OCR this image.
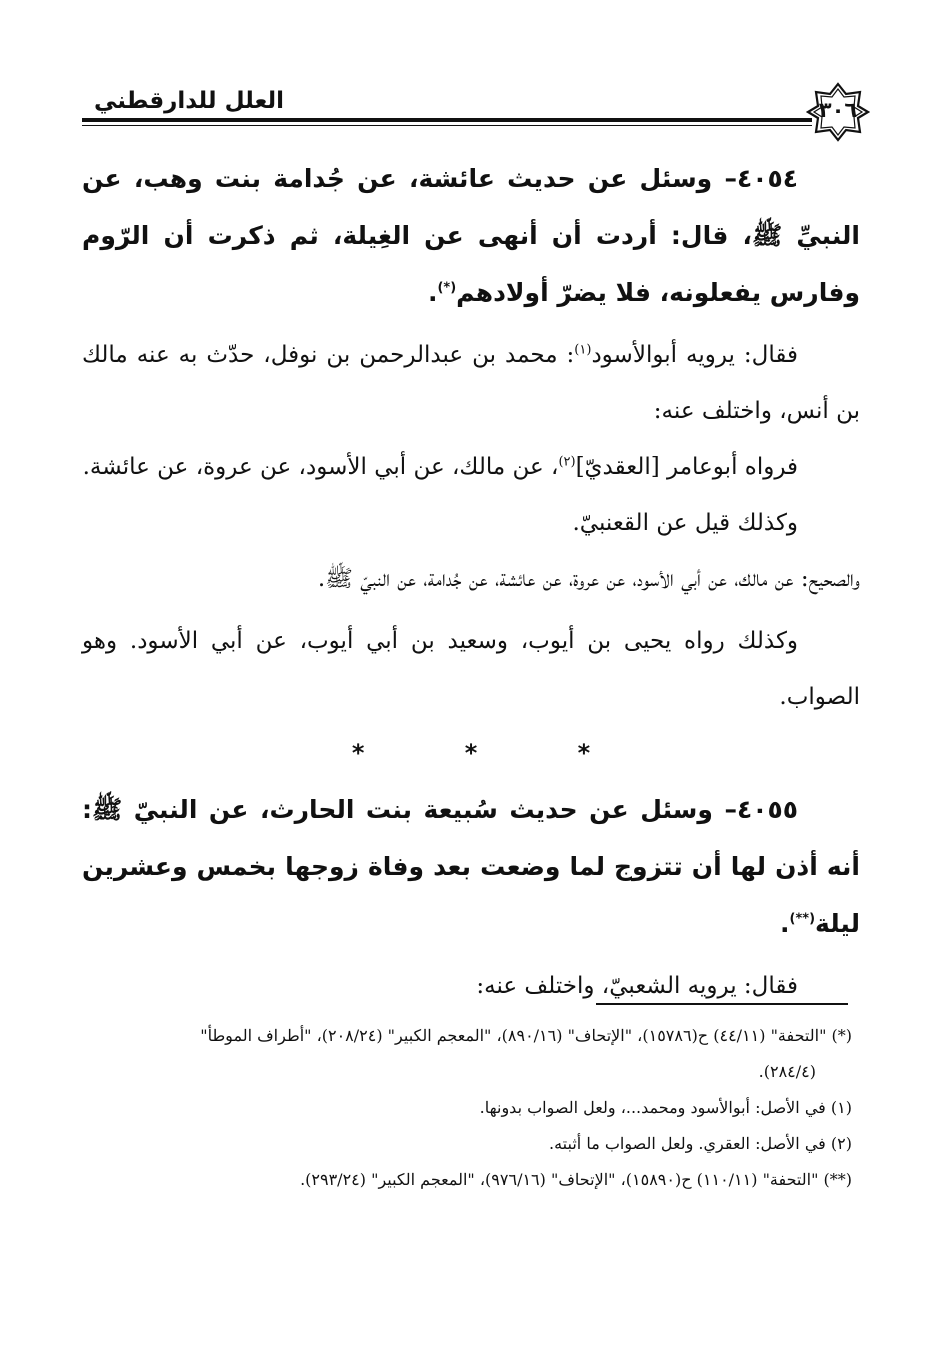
٣٠٦
العلل للدارقطني

٤٠٥٤– وسئل عن حديث عائشة، عن جُدامة بنت وهب، عن النبيِّ ﷺ، قال: أردت أن أنهى عن الغِيلة، ثم ذكرت أن الرّوم وفارس يفعلونه، فلا يضرّ أولادهم(*).

فقال: يرويه أبوالأسود$^{(١)}$: محمد بن عبدالرحمن بن نوفل، حدّث به عنه مالك بن أنس، واختلف عنه:

فرواه أبوعامر [العقديّ]$^{(٢)}$، عن مالك، عن أبي الأسود، عن عروة، عن عائشة.

وكذلك قيل عن القعنبيّ.

والصحيح: عن مالك، عن أبي الأسود، عن عروة، عن عائشة، عن جُدامة، عن النبيّ ﷺ.

وكذلك رواه يحيى بن أيوب، وسعيد بن أبي أيوب، عن أبي الأسود. وهو الصواب.

* * *

٤٠٥٥– وسئل عن حديث سُبيعة بنت الحارث، عن النبيّ ﷺ: أنه أذن لها أن تتزوج لما وضعت بعد وفاة زوجها بخمس وعشرين ليلة(**).

فقال: يرويه الشعبيّ، واختلف عنه:

(*) "التحفة" (٤٤/١١) ح(١٥٧٨٦)، "الإتحاف" (٨٩٠/١٦)، "المعجم الكبير" (٢٠٨/٢٤)، "أطراف الموطأ"

(٢٨٤/٤).

(١) في الأصل: أبوالأسود ومحمد...، ولعل الصواب بدونها.

(٢) في الأصل: العقري. ولعل الصواب ما أثبته.

(**) "التحفة" (١١٠/١١) ح(١٥٨٩٠)، "الإتحاف" (٩٧٦/١٦)، "المعجم الكبير" (٢٩٣/٢٤).
